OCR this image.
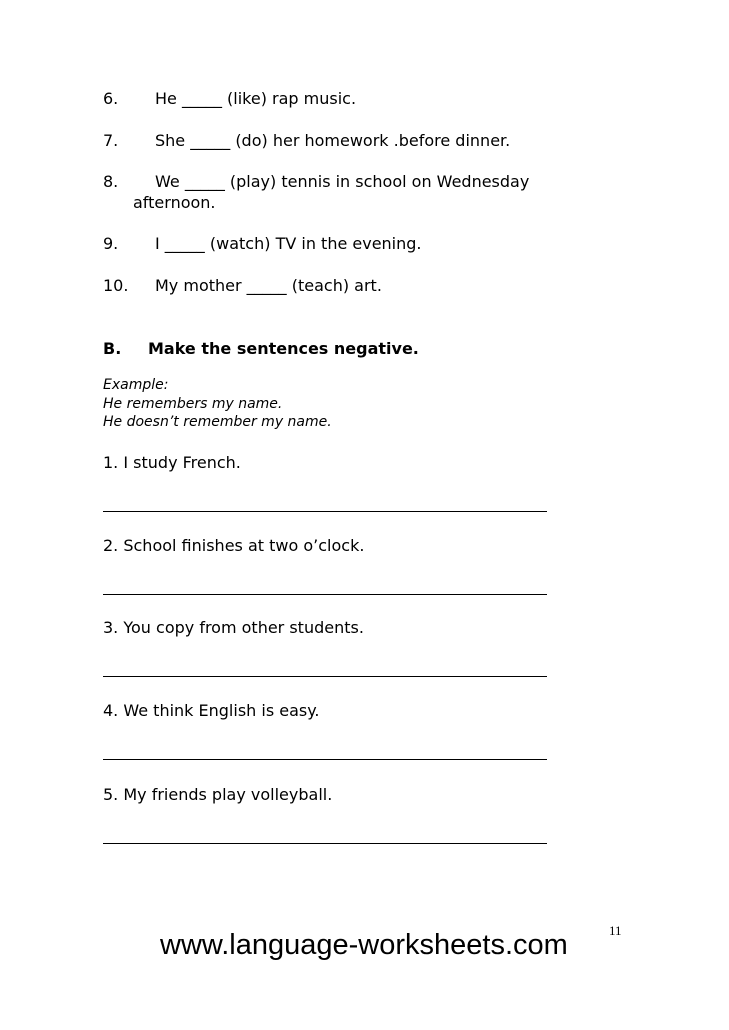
6. He _____ (like) rap music.
7. She _____ (do) her homework .before dinner.
8. We _____ (play) tennis in school on Wednesday
afternoon.
9. I _____ (watch) TV in the evening.
10. My mother _____ (teach) art.
B. Make the sentences negative.
Example:
He remembers my name.
He doesn’t remember my name.
1. I study French.
2. School finishes at two o’clock.
3. You copy from other students.
4. We think English is easy.
5. My friends play volleyball.
11
www.language-worksheets.com
